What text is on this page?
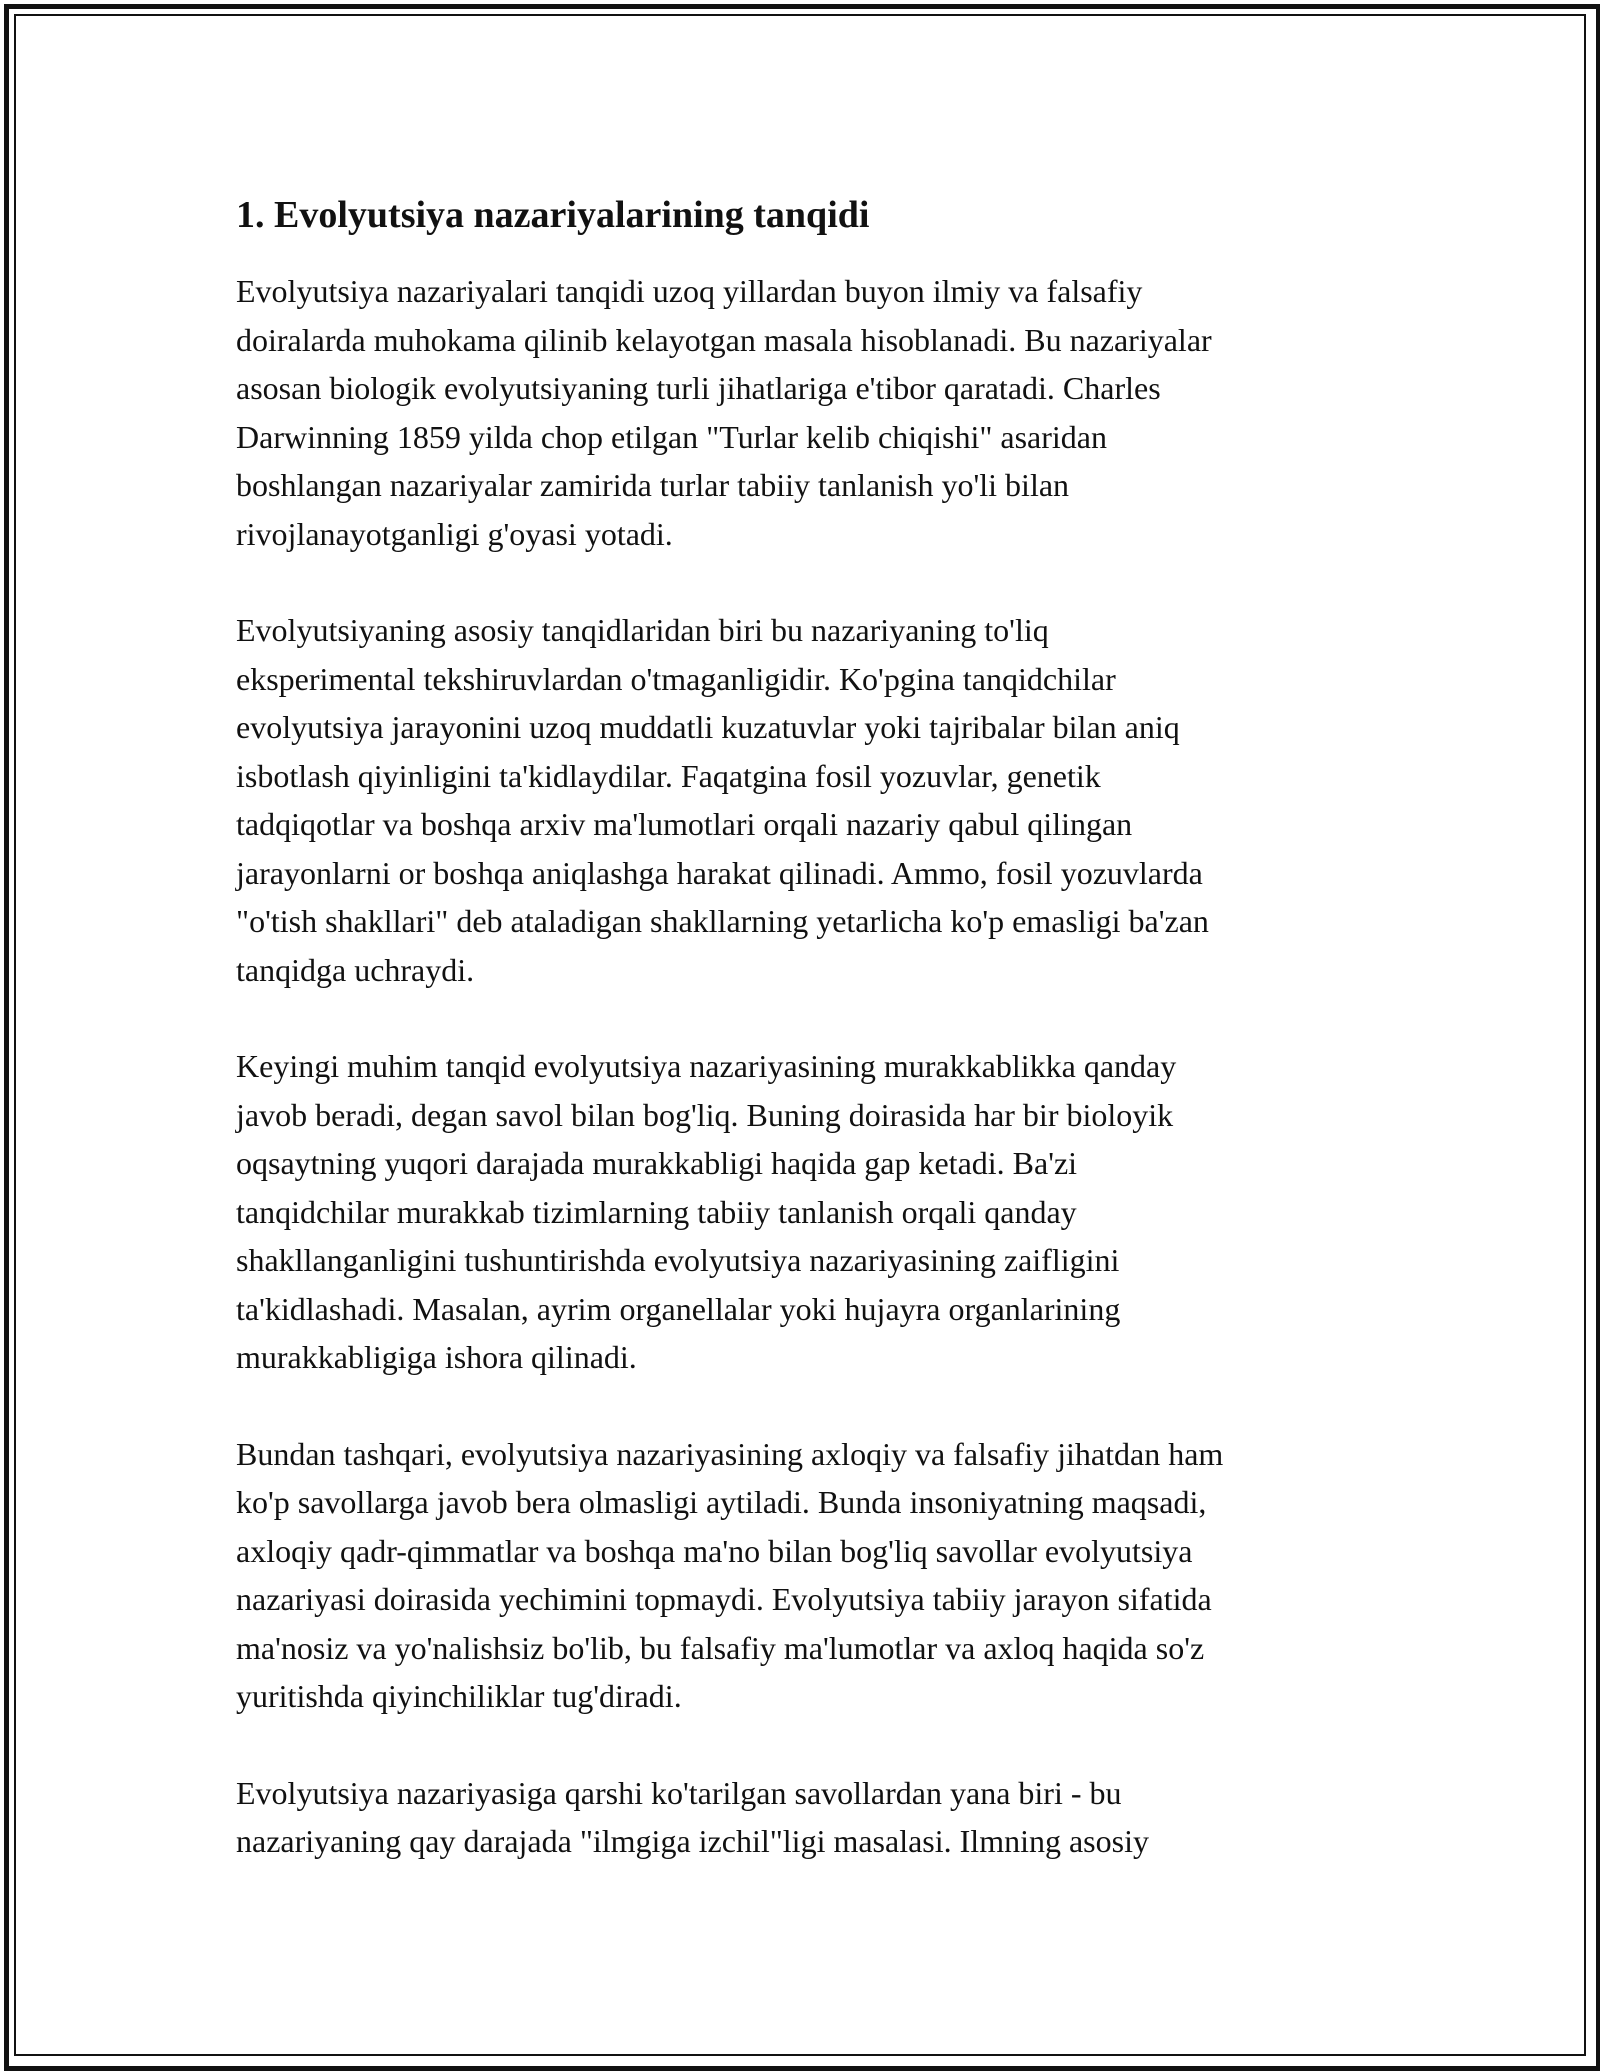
1. Evolyutsiya nazariyalarining tanqidi

Evolyutsiya nazariyalari tanqidi uzoq yillardan buyon ilmiy va falsafiy
doiralarda muhokama qilinib kelayotgan masala hisoblanadi. Bu nazariyalar
asosan biologik evolyutsiyaning turli jihatlariga e'tibor qaratadi. Charles
Darwinning 1859 yilda chop etilgan "Turlar kelib chiqishi" asaridan
boshlangan nazariyalar zamirida turlar tabiiy tanlanish yo'li bilan
rivojlanayotganligi g'oyasi yotadi.

Evolyutsiyaning asosiy tanqidlaridan biri bu nazariyaning to'liq
eksperimental tekshiruvlardan o'tmaganligidir. Ko'pgina tanqidchilar
evolyutsiya jarayonini uzoq muddatli kuzatuvlar yoki tajribalar bilan aniq
isbotlash qiyinligini ta'kidlaydilar. Faqatgina fosil yozuvlar, genetik
tadqiqotlar va boshqa arxiv ma'lumotlari orqali nazariy qabul qilingan
jarayonlarni or boshqa aniqlashga harakat qilinadi. Ammo, fosil yozuvlarda
"o'tish shakllari" deb ataladigan shakllarning yetarlicha ko'p emasligi ba'zan
tanqidga uchraydi.

Keyingi muhim tanqid evolyutsiya nazariyasining murakkablikka qanday
javob beradi, degan savol bilan bog'liq. Buning doirasida har bir bioloyik
oqsaytning yuqori darajada murakkabligi haqida gap ketadi. Ba'zi
tanqidchilar murakkab tizimlarning tabiiy tanlanish orqali qanday
shakllanganligini tushuntirishda evolyutsiya nazariyasining zaifligini
ta'kidlashadi. Masalan, ayrim organellalar yoki hujayra organlarining
murakkabligiga ishora qilinadi.

Bundan tashqari, evolyutsiya nazariyasining axloqiy va falsafiy jihatdan ham
ko'p savollarga javob bera olmasligi aytiladi. Bunda insoniyatning maqsadi,
axloqiy qadr-qimmatlar va boshqa ma'no bilan bog'liq savollar evolyutsiya
nazariyasi doirasida yechimini topmaydi. Evolyutsiya tabiiy jarayon sifatida
ma'nosiz va yo'nalishsiz bo'lib, bu falsafiy ma'lumotlar va axloq haqida so'z
yuritishda qiyinchiliklar tug'diradi.

Evolyutsiya nazariyasiga qarshi ko'tarilgan savollardan yana biri - bu
nazariyaning qay darajada "ilmgiga izchil"ligi masalasi. Ilmning asosiy
